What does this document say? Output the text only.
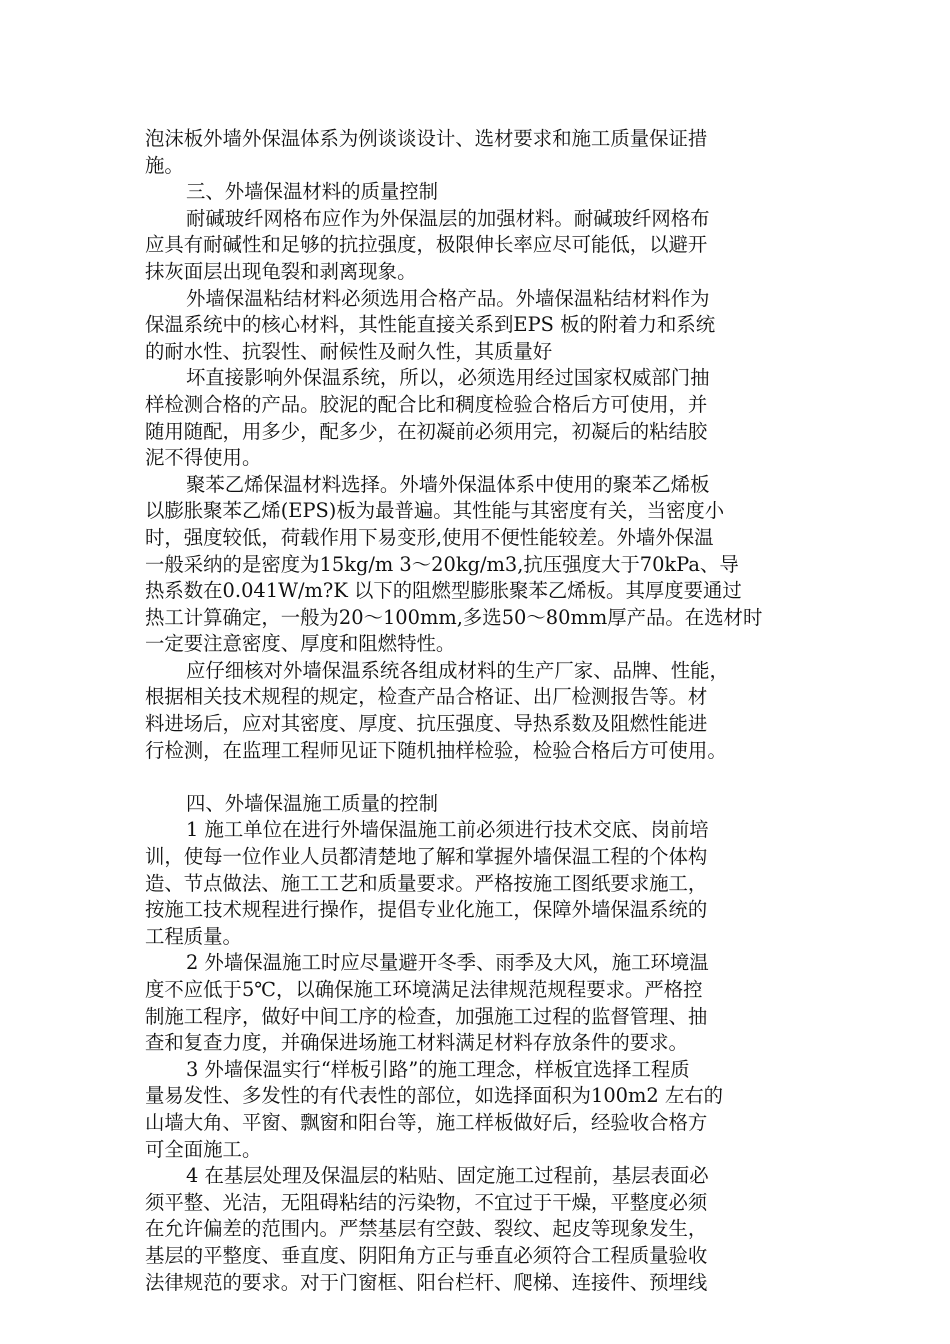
泡沫板外墙外保温体系为例谈谈设计、选材要求和施工质量保证措
施。
三、外墙保温材料的质量控制
耐碱玻纤网格布应作为外保温层的加强材料。耐碱玻纤网格布
应具有耐碱性和足够的抗拉强度，极限伸长率应尽可能低，以避开
抹灰面层出现龟裂和剥离现象。
外墙保温粘结材料必须选用合格产品。外墙保温粘结材料作为
保温系统中的核心材料，其性能直接关系到EPS 板的附着力和系统
的耐水性、抗裂性、耐候性及耐久性，其质量好
坏直接影响外保温系统，所以，必须选用经过国家权威部门抽
样检测合格的产品。胶泥的配合比和稠度检验合格后方可使用，并
随用随配，用多少，配多少，在初凝前必须用完，初凝后的粘结胶
泥不得使用。
聚苯乙烯保温材料选择。外墙外保温体系中使用的聚苯乙烯板
以膨胀聚苯乙烯(EPS)板为最普遍。其性能与其密度有关，当密度小
时，强度较低，荷载作用下易变形,使用不便性能较差。外墙外保温
一般采纳的是密度为15kg/m 3～20kg/m3,抗压强度大于70kPa、导
热系数在0.041W/m?K 以下的阻燃型膨胀聚苯乙烯板。其厚度要通过
热工计算确定，一般为20～100mm,多选50～80mm厚产品。在选材时
一定要注意密度、厚度和阻燃特性。
应仔细核对外墙保温系统各组成材料的生产厂家、品牌、性能，
根据相关技术规程的规定，检查产品合格证、出厂检测报告等。材
料进场后，应对其密度、厚度、抗压强度、导热系数及阻燃性能进
行检测，在监理工程师见证下随机抽样检验，检验合格后方可使用。
四、外墙保温施工质量的控制
1 施工单位在进行外墙保温施工前必须进行技术交底、岗前培
训，使每一位作业人员都清楚地了解和掌握外墙保温工程的个体构
造、节点做法、施工工艺和质量要求。严格按施工图纸要求施工，
按施工技术规程进行操作，提倡专业化施工，保障外墙保温系统的
工程质量。
2 外墙保温施工时应尽量避开冬季、雨季及大风，施工环境温
度不应低于5℃，以确保施工环境满足法律规范规程要求。严格控
制施工程序，做好中间工序的检查，加强施工过程的监督管理、抽
查和复查力度，并确保进场施工材料满足材料存放条件的要求。
3 外墙保温实行“样板引路”的施工理念，样板宜选择工程质
量易发性、多发性的有代表性的部位，如选择面积为100m2 左右的
山墙大角、平窗、飘窗和阳台等，施工样板做好后，经验收合格方
可全面施工。
4 在基层处理及保温层的粘贴、固定施工过程前，基层表面必
须平整、光洁，无阻碍粘结的污染物，不宜过于干燥，平整度必须
在允许偏差的范围内。严禁基层有空鼓、裂纹、起皮等现象发生，
基层的平整度、垂直度、阴阳角方正与垂直必须符合工程质量验收
法律规范的要求。对于门窗框、阳台栏杆、爬梯、连接件、预埋线
